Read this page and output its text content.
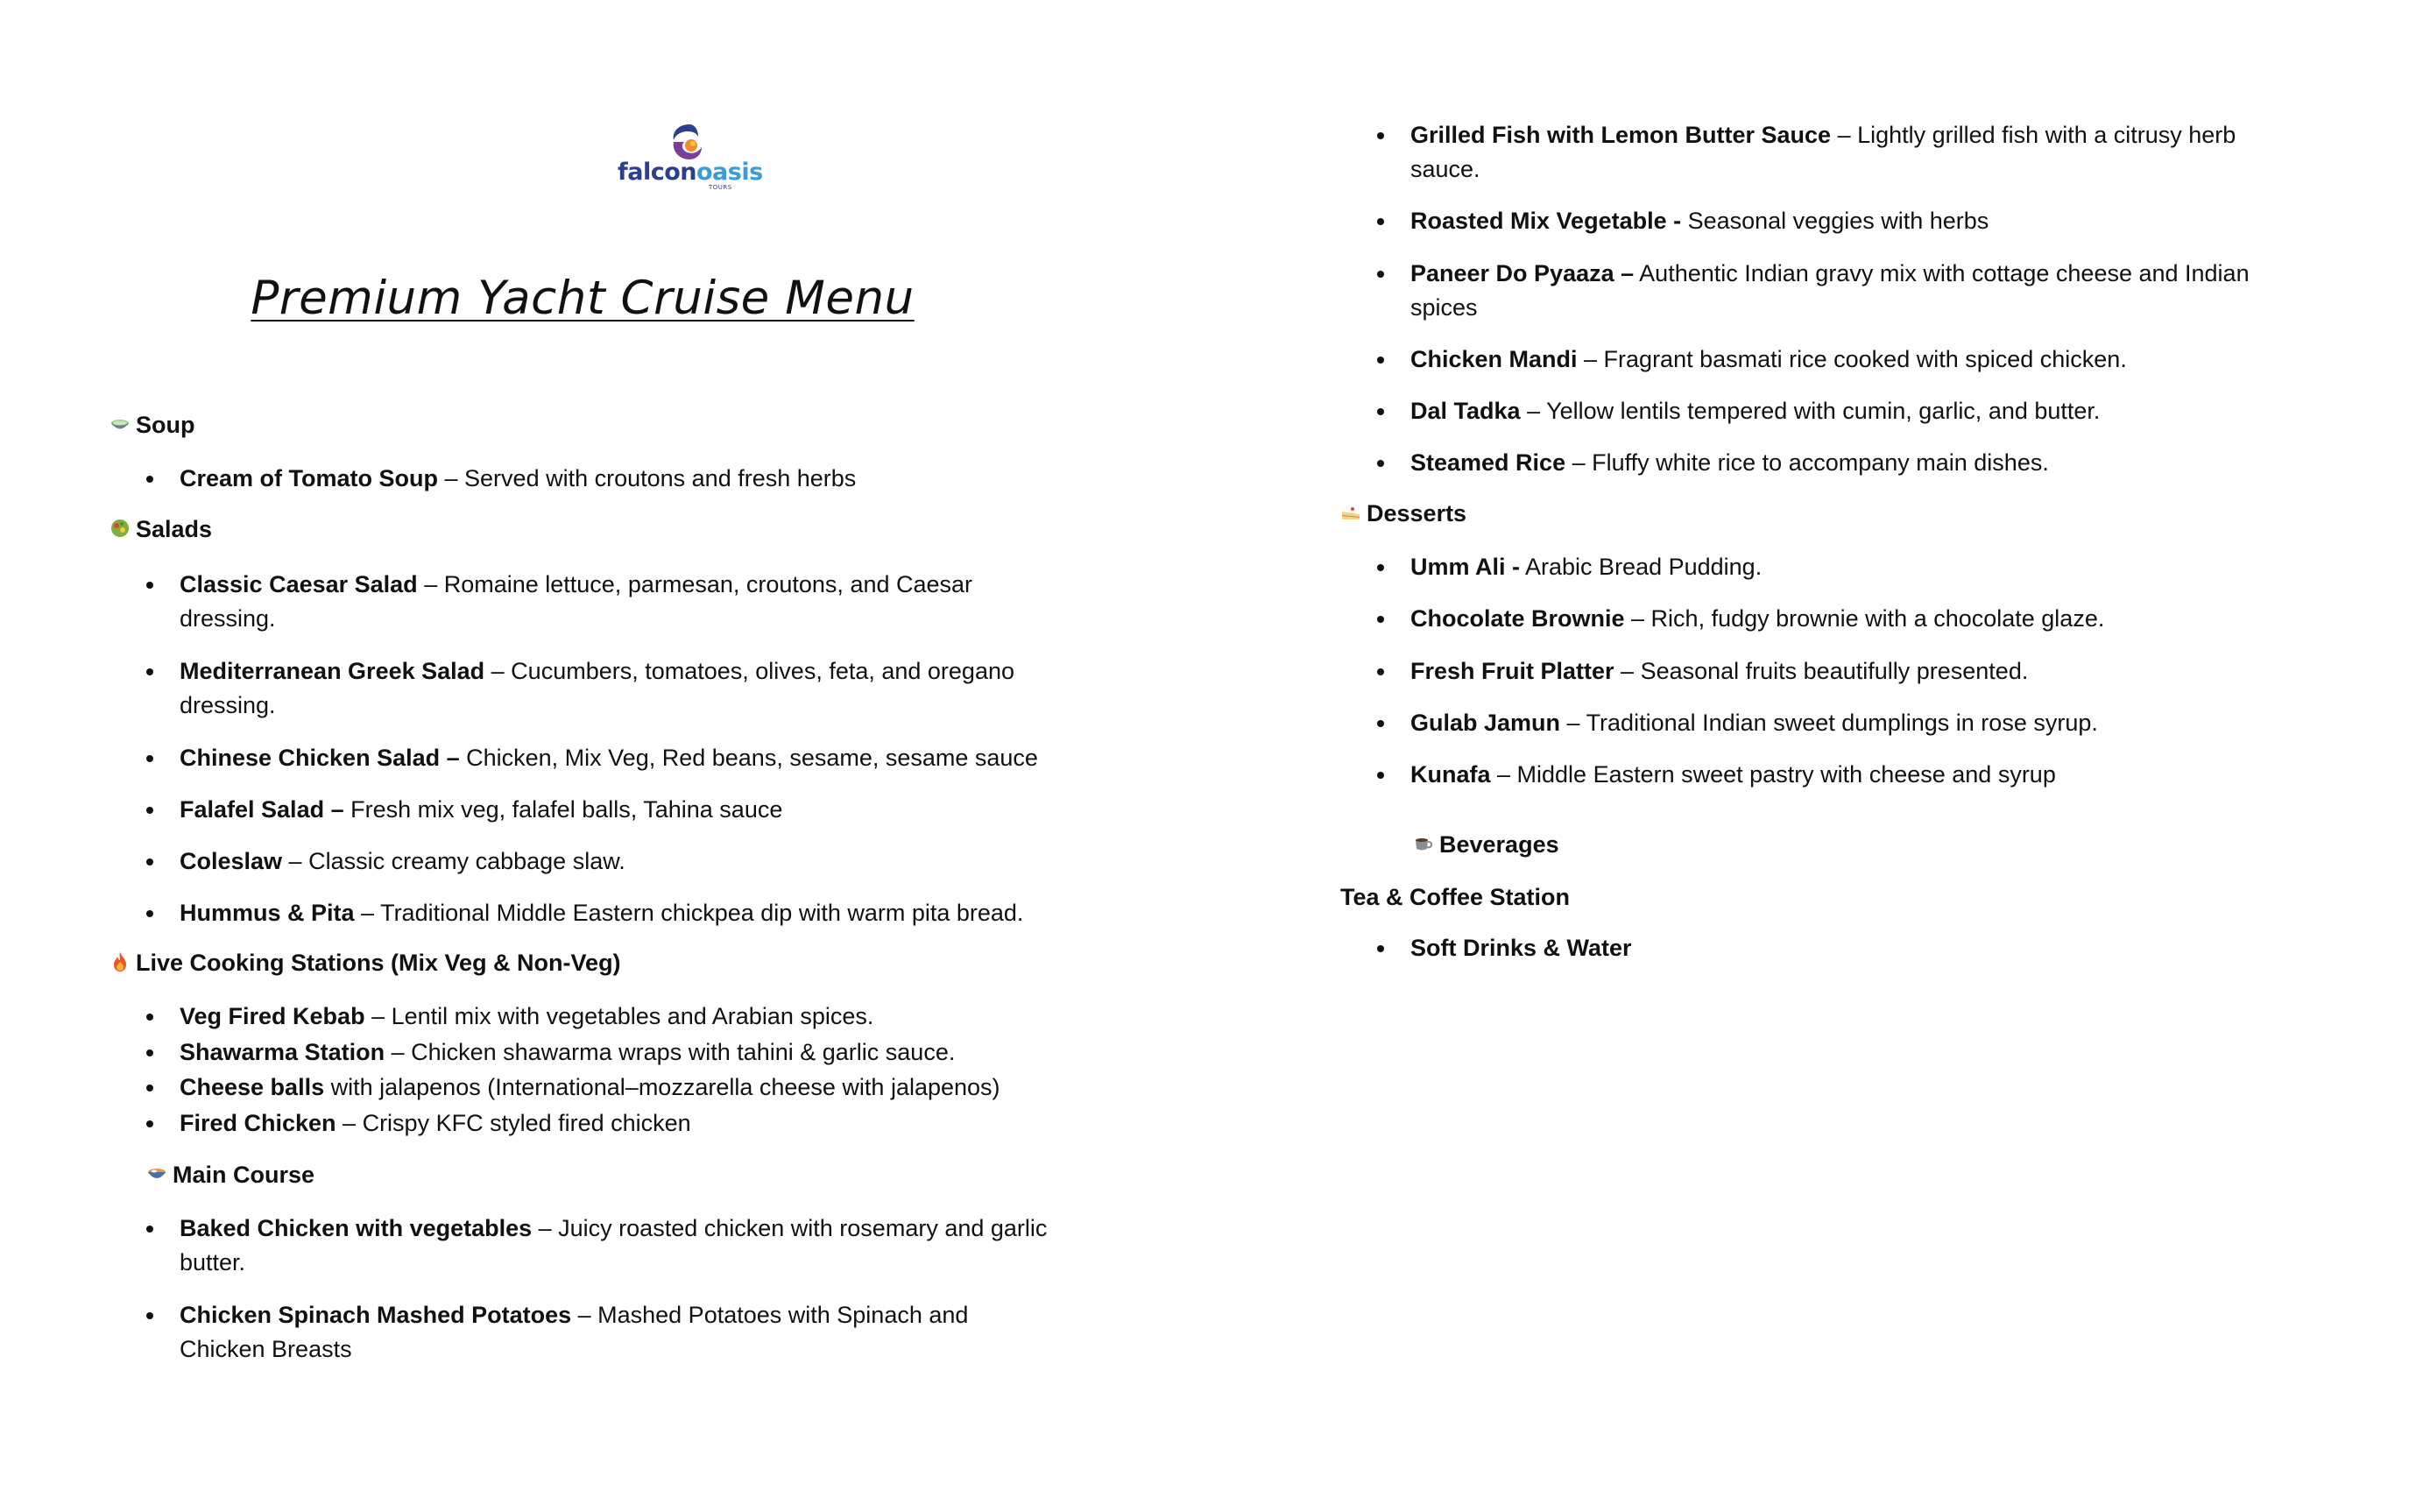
falconoasis
TOURS
Premium Yacht Cruise Menu
Soup
Cream of Tomato Soup – Served with croutons and fresh herbs
Salads
Classic Caesar Salad – Romaine lettuce, parmesan, croutons, and Caesar dressing.
Mediterranean Greek Salad – Cucumbers, tomatoes, olives, feta, and oregano dressing.
Chinese Chicken Salad – Chicken, Mix Veg, Red beans, sesame, sesame sauce
Falafel Salad – Fresh mix veg, falafel balls, Tahina sauce
Coleslaw – Classic creamy cabbage slaw.
Hummus & Pita – Traditional Middle Eastern chickpea dip with warm pita bread.
Live Cooking Stations (Mix Veg & Non-Veg)
Veg Fired Kebab – Lentil mix with vegetables and Arabian spices.
Shawarma Station – Chicken shawarma wraps with tahini & garlic sauce.
Cheese balls with jalapenos (International–mozzarella cheese with jalapenos)
Fired Chicken – Crispy KFC styled fired chicken
Main Course
Baked Chicken with vegetables – Juicy roasted chicken with rosemary and garlic butter.
Chicken Spinach Mashed Potatoes – Mashed Potatoes with Spinach and Chicken Breasts
Grilled Fish with Lemon Butter Sauce – Lightly grilled fish with a citrusy herb sauce.
Roasted Mix Vegetable - Seasonal veggies with herbs
Paneer Do Pyaaza – Authentic Indian gravy mix with cottage cheese and Indian spices
Chicken Mandi – Fragrant basmati rice cooked with spiced chicken.
Dal Tadka – Yellow lentils tempered with cumin, garlic, and butter.
Steamed Rice – Fluffy white rice to accompany main dishes.
Desserts
Umm Ali - Arabic Bread Pudding.
Chocolate Brownie – Rich, fudgy brownie with a chocolate glaze.
Fresh Fruit Platter – Seasonal fruits beautifully presented.
Gulab Jamun – Traditional Indian sweet dumplings in rose syrup.
Kunafa – Middle Eastern sweet pastry with cheese and syrup
Beverages
Tea & Coffee Station
Soft Drinks & Water
